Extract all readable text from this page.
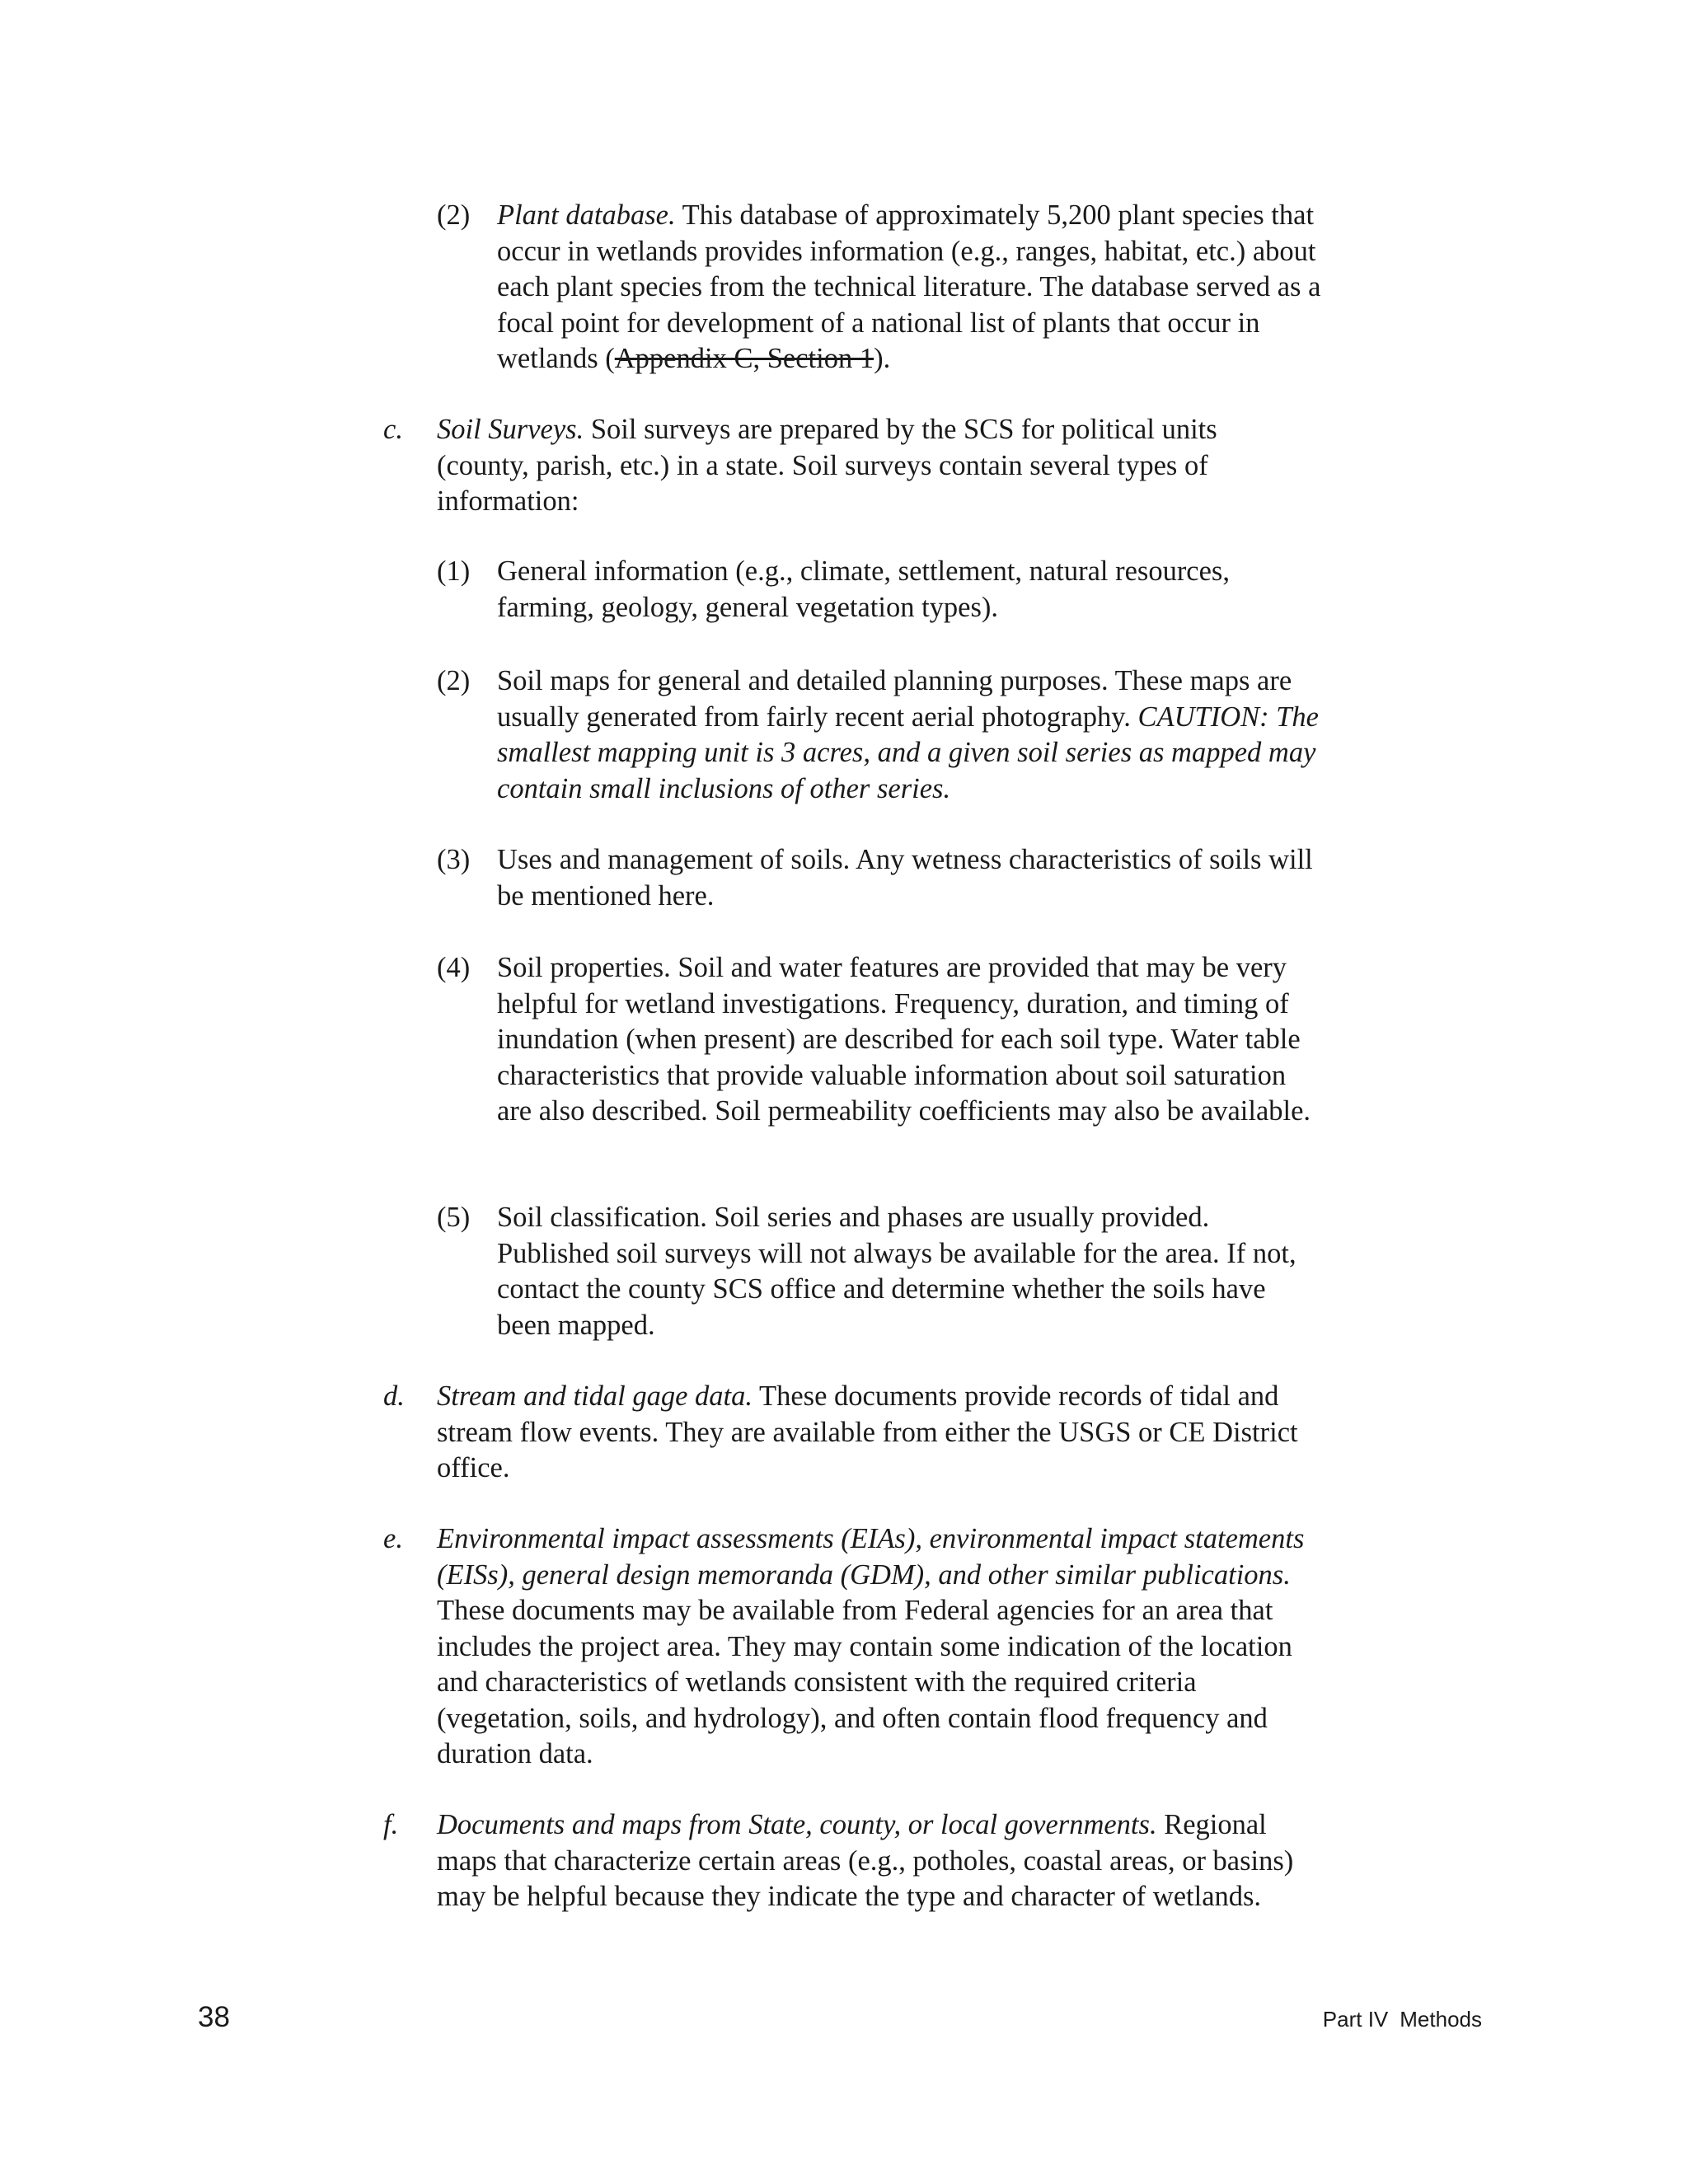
(2) Plant database. This database of approximately 5,200 plant species that occur in wetlands provides information (e.g., ranges, habitat, etc.) about each plant species from the technical literature. The database served as a focal point for development of a national list of plants that occur in wetlands (Appendix C, Section 1).
c. Soil Surveys. Soil surveys are prepared by the SCS for political units (county, parish, etc.) in a state. Soil surveys contain several types of information:
(1) General information (e.g., climate, settlement, natural resources, farming, geology, general vegetation types).
(2) Soil maps for general and detailed planning purposes. These maps are usually generated from fairly recent aerial photography. CAUTION: The smallest mapping unit is 3 acres, and a given soil series as mapped may contain small inclusions of other series.
(3) Uses and management of soils. Any wetness characteristics of soils will be mentioned here.
(4) Soil properties. Soil and water features are provided that may be very helpful for wetland investigations. Frequency, duration, and timing of inundation (when present) are described for each soil type. Water table characteristics that provide valuable information about soil saturation are also described. Soil permeability coefficients may also be available.
(5) Soil classification. Soil series and phases are usually provided. Published soil surveys will not always be available for the area. If not, contact the county SCS office and determine whether the soils have been mapped.
d. Stream and tidal gage data. These documents provide records of tidal and stream flow events. They are available from either the USGS or CE District office.
e. Environmental impact assessments (EIAs), environmental impact statements (EISs), general design memoranda (GDM), and other similar publications. These documents may be available from Federal agencies for an area that includes the project area. They may contain some indication of the location and characteristics of wetlands consistent with the required criteria (vegetation, soils, and hydrology), and often contain flood frequency and duration data.
f. Documents and maps from State, county, or local governments. Regional maps that characterize certain areas (e.g., potholes, coastal areas, or basins) may be helpful because they indicate the type and character of wetlands.
38	Part IV Methods
